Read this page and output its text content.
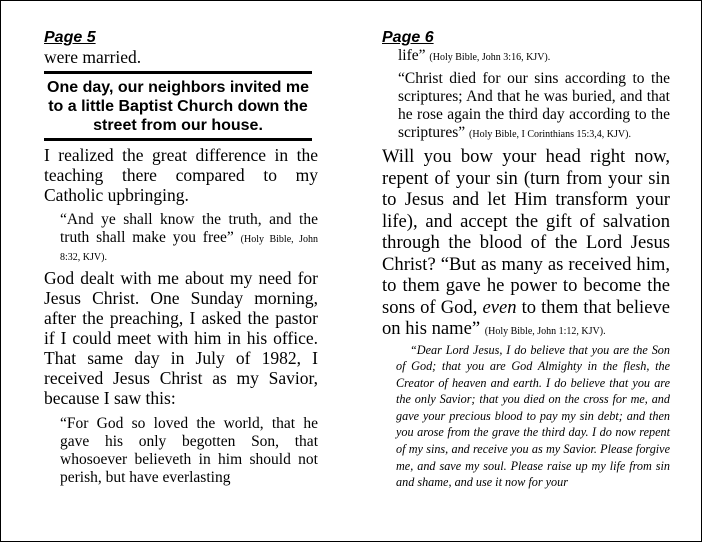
Page 5

were married.

One day, our neighbors invited me to a little Baptist Church down the street from our house.

I realized the great difference in the teaching there compared to my Catholic upbringing.

“And ye shall know the truth, and the truth shall make you free” (Holy Bible, John 8:32, KJV).

God dealt with me about my need for Jesus Christ. One Sunday morning, after the preaching, I asked the pastor if I could meet with him in his office. That same day in July of 1982, I received Jesus Christ as my Savior, because I saw this:

“For God so loved the world, that he gave his only begotten Son, that whosoever believeth in him should not perish, but have everlasting

Page 6

life” (Holy Bible, John 3:16, KJV).

“Christ died for our sins according to the scriptures; And that he was buried, and that he rose again the third day according to the scriptures” (Holy Bible, I Corinthians 15:3,4, KJV).

Will you bow your head right now, repent of your sin (turn from your sin to Jesus and let Him transform your life), and accept the gift of salvation through the blood of the Lord Jesus Christ? “But as many as received him, to them gave he power to become the sons of God, even to them that believe on his name” (Holy Bible, John 1:12, KJV).

“Dear Lord Jesus, I do believe that you are the Son of God; that you are God Almighty in the flesh, the Creator of heaven and earth. I do believe that you are the only Savior; that you died on the cross for me, and gave your precious blood to pay my sin debt; and then you arose from the grave the third day. I do now repent of my sins, and receive you as my Savior. Please forgive me, and save my soul. Please raise up my life from sin and shame, and use it now for your
